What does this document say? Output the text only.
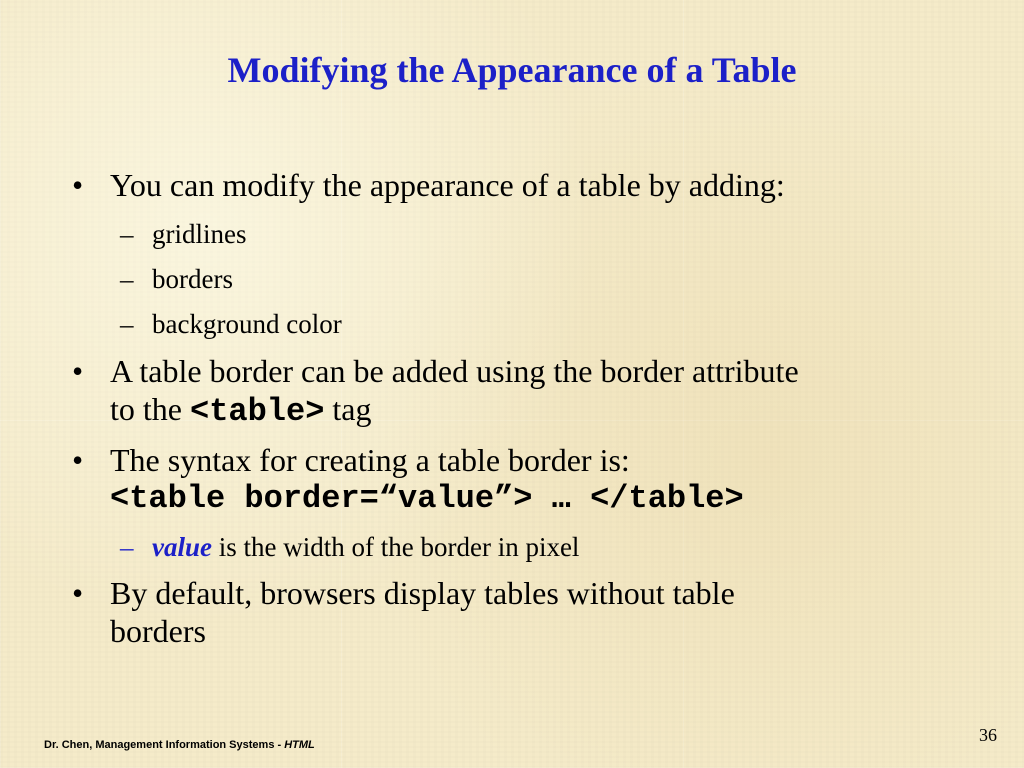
Modifying the Appearance of a Table
• You can modify the appearance of a table by adding:
– gridlines
– borders
– background color
• A table border can be added using the border attribute
to the <table> tag
• The syntax for creating a table border is:
<table border=“value”> … </table>
– value is the width of the border in pixel
• By default, browsers display tables without table
borders
Dr. Chen, Management Information Systems - HTML	36
